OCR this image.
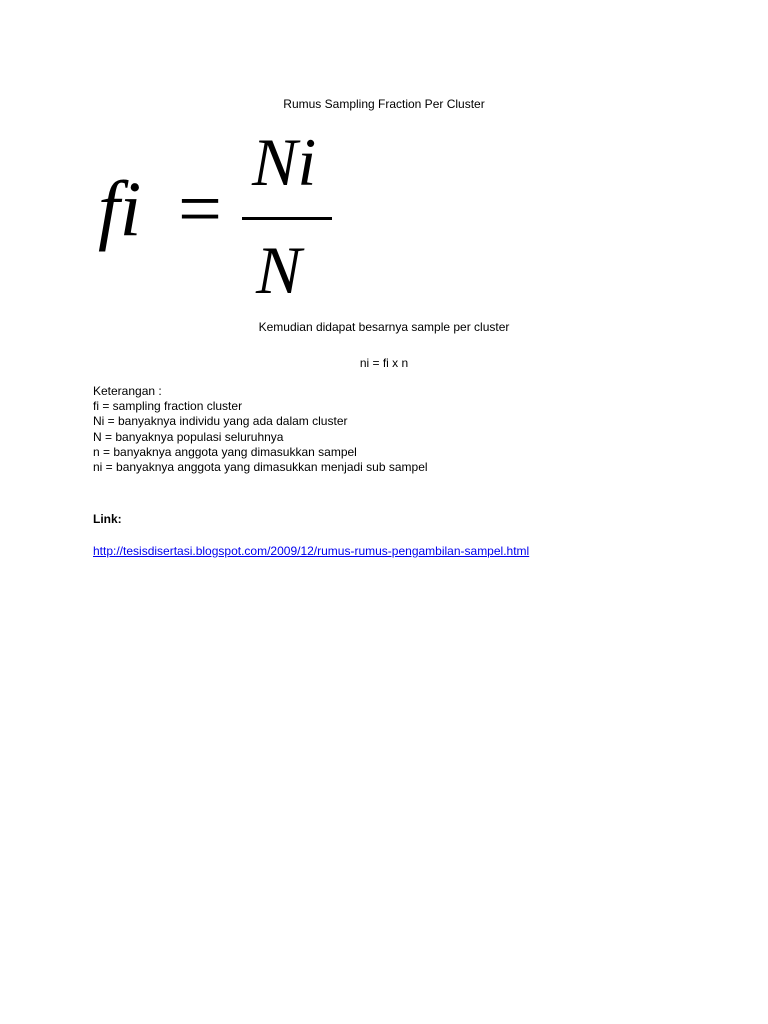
Rumus Sampling Fraction Per Cluster
fi =
Ni
N
Kemudian didapat besarnya sample per cluster
ni = fi x n
Keterangan :
fi = sampling fraction cluster
Ni = banyaknya individu yang ada dalam cluster
N = banyaknya populasi seluruhnya
n = banyaknya anggota yang dimasukkan sampel
ni = banyaknya anggota yang dimasukkan menjadi sub sampel
Link:
http://tesisdisertasi.blogspot.com/2009/12/rumus-rumus-pengambilan-sampel.html
